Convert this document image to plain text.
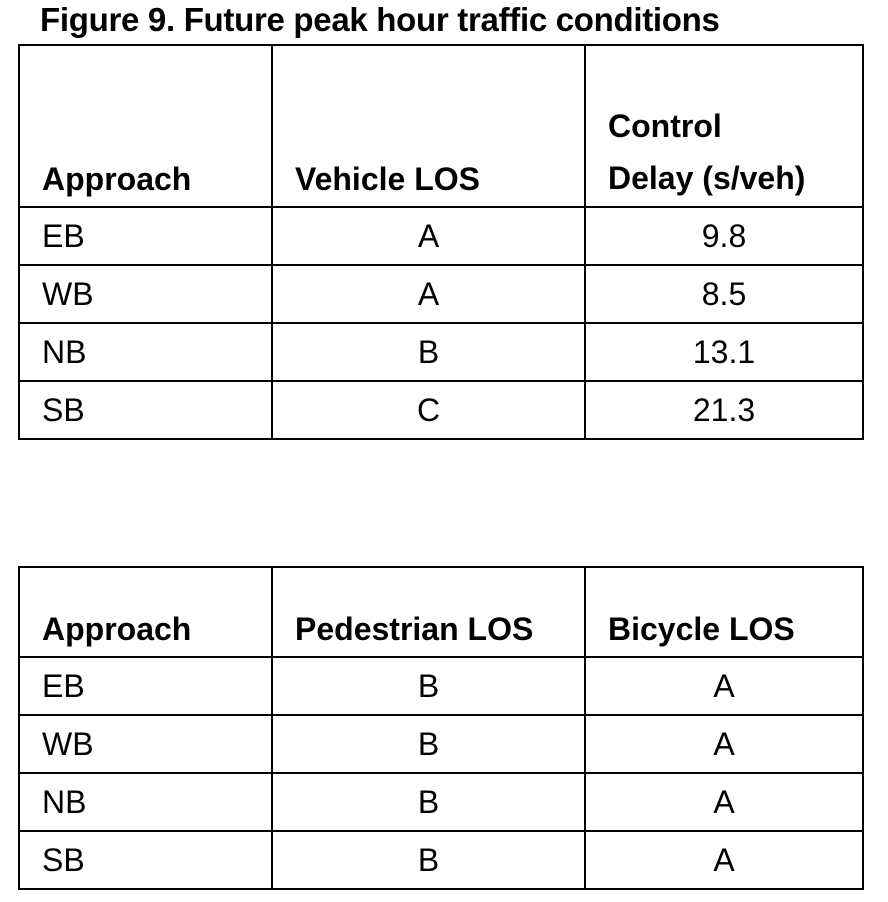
Figure 9. Future peak hour traffic conditions
Approach	Vehicle LOS	Control
Delay (s/veh)

EB	A	9.8
WB	A	8.5
NB	B	13.1
SB	C	21.3
Approach	Pedestrian LOS	Bicycle LOS
EB	B	A
WB	B	A
NB	B	A
SB	B	A
